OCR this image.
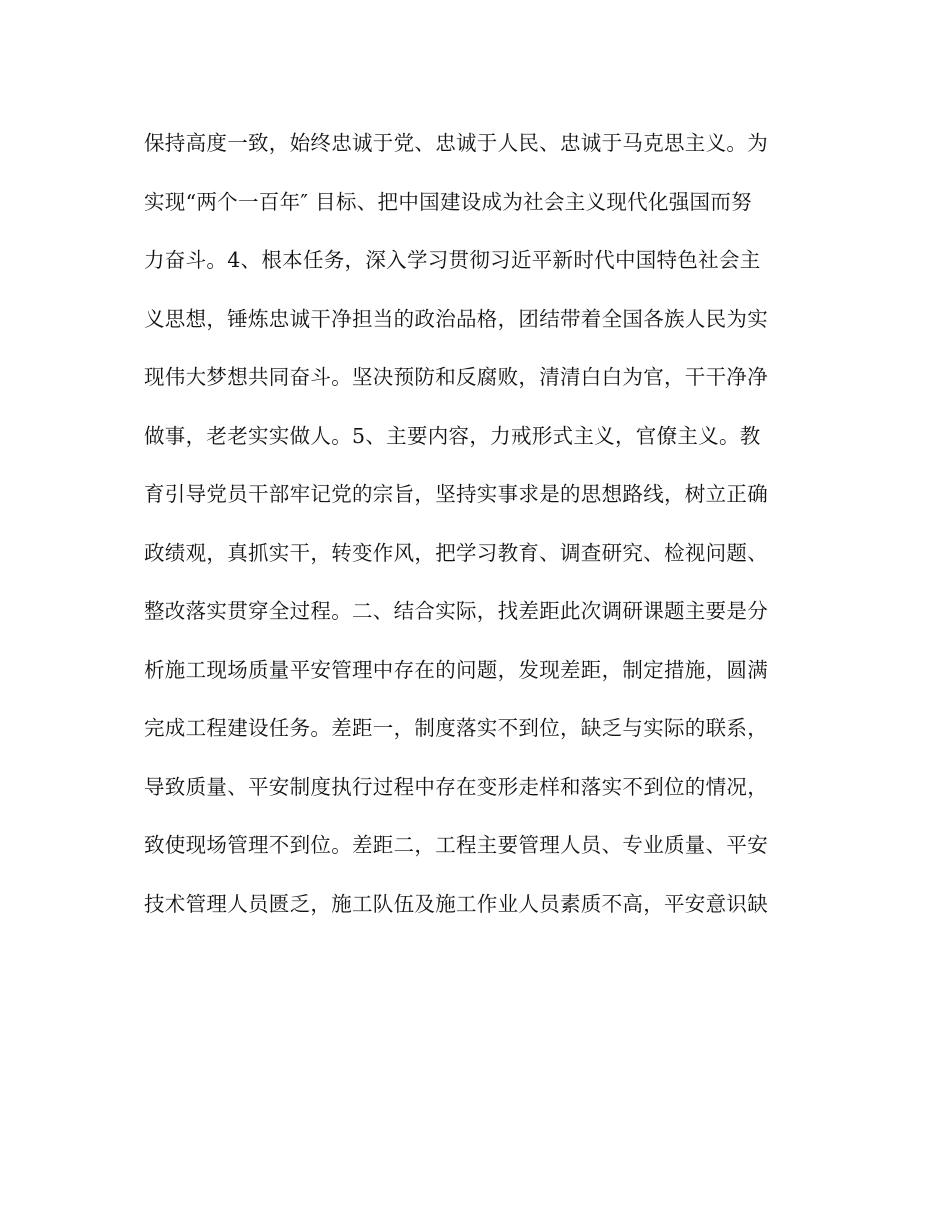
保持高度一致，始终忠诚于党、忠诚于人民、忠诚于马克思主义。为
实现“两个一百年″ 目标、把中国建设成为社会主义现代化强国而努
力奋斗。4、根本任务，深入学习贯彻习近平新时代中国特色社会主
义思想，锤炼忠诚干净担当的政治品格，团结带着全国各族人民为实
现伟大梦想共同奋斗。坚决预防和反腐败，清清白白为官，干干净净
做事，老老实实做人。5、主要内容，力戒形式主义，官僚主义。教
育引导党员干部牢记党的宗旨，坚持实事求是的思想路线，树立正确
政绩观，真抓实干，转变作风，把学习教育、调查研究、检视问题、
整改落实贯穿全过程。二、结合实际，找差距此次调研课题主要是分
析施工现场质量平安管理中存在的问题，发现差距，制定措施，圆满
完成工程建设任务。差距一，制度落实不到位，缺乏与实际的联系，
导致质量、平安制度执行过程中存在变形走样和落实不到位的情况，
致使现场管理不到位。差距二，工程主要管理人员、专业质量、平安
技术管理人员匮乏，施工队伍及施工作业人员素质不高，平安意识缺
